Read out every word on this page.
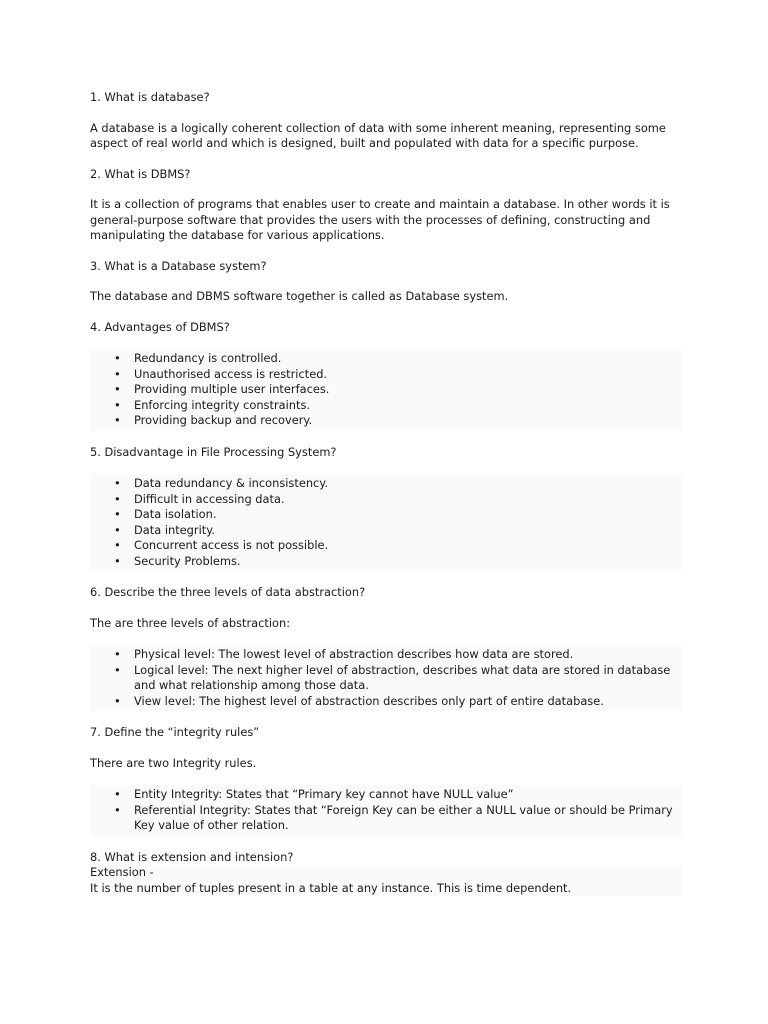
1. What is database?

A database is a logically coherent collection of data with some inherent meaning, representing some aspect of real world and which is designed, built and populated with data for a specific purpose.

2. What is DBMS?

It is a collection of programs that enables user to create and maintain a database. In other words it is general-purpose software that provides the users with the processes of defining, constructing and manipulating the database for various applications.

3. What is a Database system?

The database and DBMS software together is called as Database system.

4. Advantages of DBMS?

• Redundancy is controlled.
• Unauthorised access is restricted.
• Providing multiple user interfaces.
• Enforcing integrity constraints.
• Providing backup and recovery.

5. Disadvantage in File Processing System?

• Data redundancy & inconsistency.
• Difficult in accessing data.
• Data isolation.
• Data integrity.
• Concurrent access is not possible.
• Security Problems.

6. Describe the three levels of data abstraction?

The are three levels of abstraction:

• Physical level: The lowest level of abstraction describes how data are stored.
• Logical level: The next higher level of abstraction, describes what data are stored in database and what relationship among those data.
• View level: The highest level of abstraction describes only part of entire database.

7. Define the “integrity rules”

There are two Integrity rules.

• Entity Integrity: States that “Primary key cannot have NULL value”
• Referential Integrity: States that “Foreign Key can be either a NULL value or should be Primary Key value of other relation.

8. What is extension and intension?

Extension -

It is the number of tuples present in a table at any instance. This is time dependent.
